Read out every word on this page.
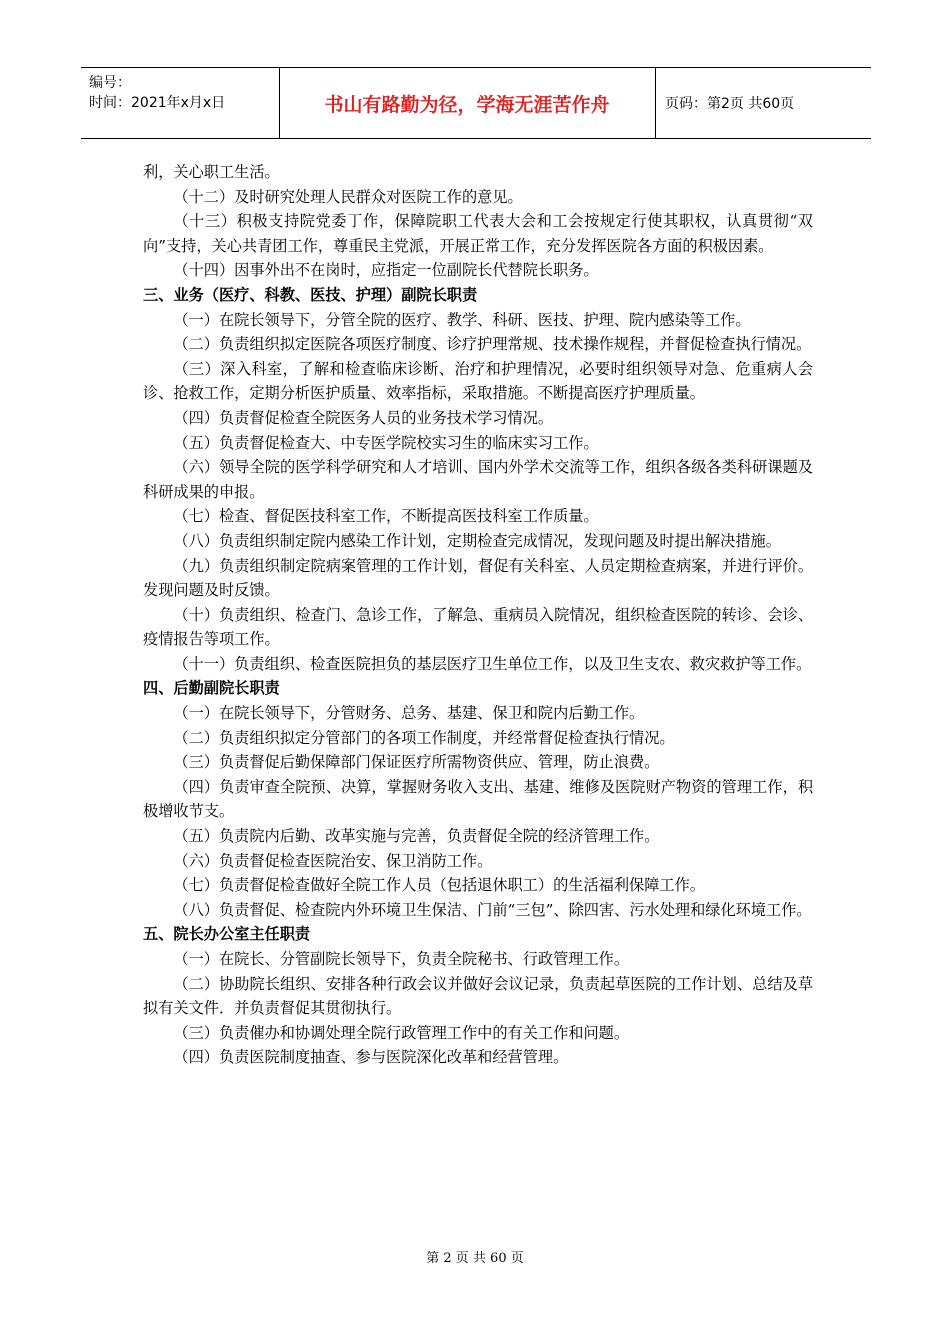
编号：
时间：2021年x月x日	书山有路勤为径，学海无涯苦作舟	页码：第2页 共60页

利，关心职工生活。

（十二）及时研究处理人民群众对医院工作的意见。

（十三）积极支持院党委丁作，保障院职工代表大会和工会按规定行使其职权，认真贯彻“双向”支持，关心共青团工作，尊重民主党派，开展正常工作，充分发挥医院各方面的积极因素。

（十四）因事外出不在岗时，应指定一位副院长代替院长职务。

三、业务（医疗、科教、医技、护理）副院长职责

（一）在院长领导下，分管全院的医疗、教学、科研、医技、护理、院内感染等工作。

（二）负责组织拟定医院各项医疗制度、诊疗护理常规、技术操作规程，并督促检查执行情况。

（三）深入科室，了解和检查临床诊断、治疗和护理情况，必要时组织领导对急、危重病人会诊、抢救工作，定期分析医护质量、效率指标，采取措施。不断提高医疗护理质量。

（四）负责督促检查全院医务人员的业务技术学习情况。

（五）负责督促检查大、中专医学院校实习生的临床实习工作。

（六）领导全院的医学科学研究和人才培训、国内外学术交流等工作，组织各级各类科研课题及科研成果的申报。

（七）检查、督促医技科室工作，不断提高医技科室工作质量。

（八）负责组织制定院内感染工作计划，定期检查完成情况，发现问题及时提出解决措施。

（九）负责组织制定院病案管理的工作计划，督促有关科室、人员定期检查病案，并进行评价。发现问题及时反馈。

（十）负责组织、检查门、急诊工作，了解急、重病员入院情况，组织检查医院的转诊、会诊、疫情报告等项工作。

（十一）负责组织、检查医院担负的基层医疗卫生单位工作，以及卫生支农、救灾救护等工作。

四、后勤副院长职责

（一）在院长领导下，分管财务、总务、基建、保卫和院内后勤工作。

（二）负责组织拟定分管部门的各项工作制度，并经常督促检查执行情况。

（三）负责督促后勤保障部门保证医疗所需物资供应、管理，防止浪费。

（四）负责审查全院预、决算，掌握财务收入支出、基建、维修及医院财产物资的管理工作，积极增收节支。

（五）负责院内后勤、改革实施与完善，负责督促全院的经济管理工作。

（六）负责督促检查医院治安、保卫消防工作。

（七）负责督促检查做好全院工作人员（包括退休职工）的生活福利保障工作。

（八）负责督促、检查院内外环境卫生保洁、门前“三包”、除四害、污水处理和绿化环境工作。

五、院长办公室主任职责

（一）在院长、分管副院长领导下，负责全院秘书、行政管理工作。

（二）协助院长组织、安排各种行政会议并做好会议记录，负责起草医院的工作计划、总结及草拟有关文件．并负责督促其贯彻执行。

（三）负责催办和协调处理全院行政管理工作中的有关工作和问题。

（四）负责医院制度抽查、参与医院深化改革和经营管理。

第 2 页 共 60 页
